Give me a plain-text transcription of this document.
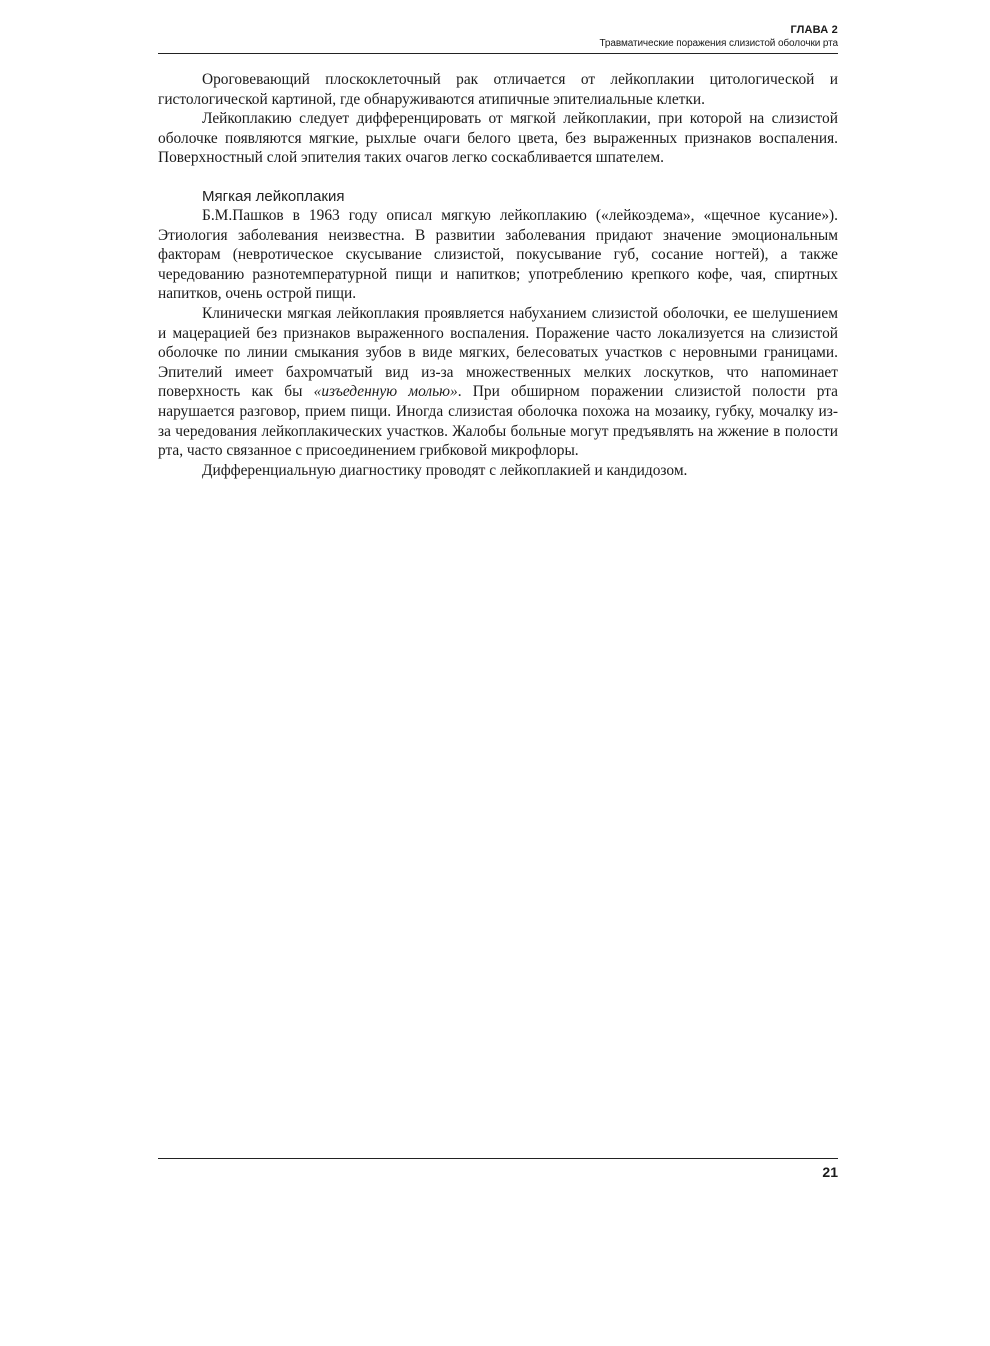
ГЛАВА 2
Травматические поражения слизистой оболочки рта

Ороговевающий плоскоклеточный рак отличается от лейкоплакии цитологической и гистологической картиной, где обнаруживаются атипичные эпителиальные клетки.

Лейкоплакию следует дифференцировать от мягкой лейкоплакии, при которой на слизистой оболочке появляются мягкие, рыхлые очаги белого цвета, без выраженных признаков воспаления. Поверхностный слой эпителия таких очагов легко соскабливается шпателем.

Мягкая лейкоплакия

Б.М.Пашков в 1963 году описал мягкую лейкоплакию («лейкоэдема», «щечное кусание»). Этиология заболевания неизвестна. В развитии заболевания придают значение эмоциональным факторам (невротическое скусывание слизистой, покусывание губ, сосание ногтей), а также чередованию разнотемпературной пищи и напитков; употреблению крепкого кофе, чая, спиртных напитков, очень острой пищи.

Клинически мягкая лейкоплакия проявляется набуханием слизистой оболочки, ее шелушением и мацерацией без признаков выраженного воспаления. Поражение часто локализуется на слизистой оболочке по линии смыкания зубов в виде мягких, белесоватых участков с неровными границами. Эпителий имеет бахромчатый вид из-за множественных мелких лоскутков, что напоминает поверхность как бы «изъеденную молью». При обширном поражении слизистой полости рта нарушается разговор, прием пищи. Иногда слизистая оболочка похожа на мозаику, губку, мочалку из-за чередования лейкоплакических участков. Жалобы больные могут предъявлять на жжение в полости рта, часто связанное с присоединением грибковой микрофлоры.

Дифференциальную диагностику проводят с лейкоплакией и кандидозом.

21
